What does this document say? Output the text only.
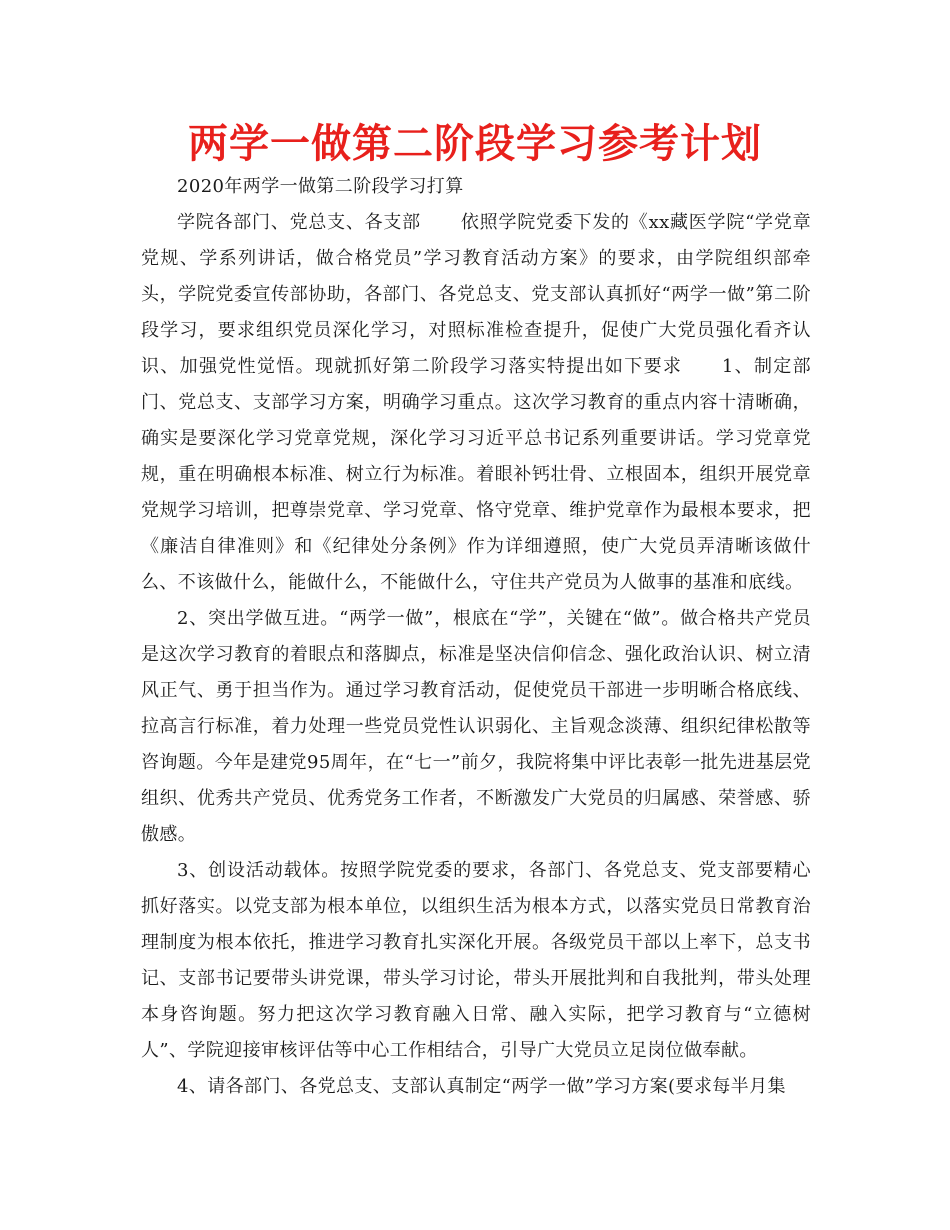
两学一做第二阶段学习参考计划

2020年两学一做第二阶段学习打算

学院各部门、党总支、各支部 依照学院党委下发的《xx藏医学院“学党章党规、学系列讲话，做合格党员”学习教育活动方案》的要求，由学院组织部牵头，学院党委宣传部协助，各部门、各党总支、党支部认真抓好“两学一做”第二阶段学习，要求组织党员深化学习，对照标准检查提升，促使广大党员强化看齐认识、加强党性觉悟。现就抓好第二阶段学习落实特提出如下要求 1、制定部门、党总支、支部学习方案，明确学习重点。这次学习教育的重点内容十清晰确，确实是要深化学习党章党规，深化学习习近平总书记系列重要讲话。学习党章党规，重在明确根本标准、树立行为标准。着眼补钙壮骨、立根固本，组织开展党章党规学习培训，把尊崇党章、学习党章、恪守党章、维护党章作为最根本要求，把《廉洁自律准则》和《纪律处分条例》作为详细遵照，使广大党员弄清晰该做什么、不该做什么，能做什么，不能做什么，守住共产党员为人做事的基准和底线。

2、突出学做互进。“两学一做”，根底在“学”，关键在“做”。做合格共产党员是这次学习教育的着眼点和落脚点，标准是坚决信仰信念、强化政治认识、树立清风正气、勇于担当作为。通过学习教育活动，促使党员干部进一步明晰合格底线、拉高言行标准，着力处理一些党员党性认识弱化、主旨观念淡薄、组织纪律松散等咨询题。今年是建党95周年，在“七一”前夕，我院将集中评比表彰一批先进基层党组织、优秀共产党员、优秀党务工作者，不断激发广大党员的归属感、荣誉感、骄傲感。

3、创设活动载体。按照学院党委的要求，各部门、各党总支、党支部要精心抓好落实。以党支部为根本单位，以组织生活为根本方式，以落实党员日常教育治理制度为根本依托，推进学习教育扎实深化开展。各级党员干部以上率下，总支书记、支部书记要带头讲党课，带头学习讨论，带头开展批判和自我批判，带头处理本身咨询题。努力把这次学习教育融入日常、融入实际，把学习教育与“立德树人”、学院迎接审核评估等中心工作相结合，引导广大党员立足岗位做奉献。

4、请各部门、各党总支、支部认真制定“两学一做”学习方案(要求每半月集
